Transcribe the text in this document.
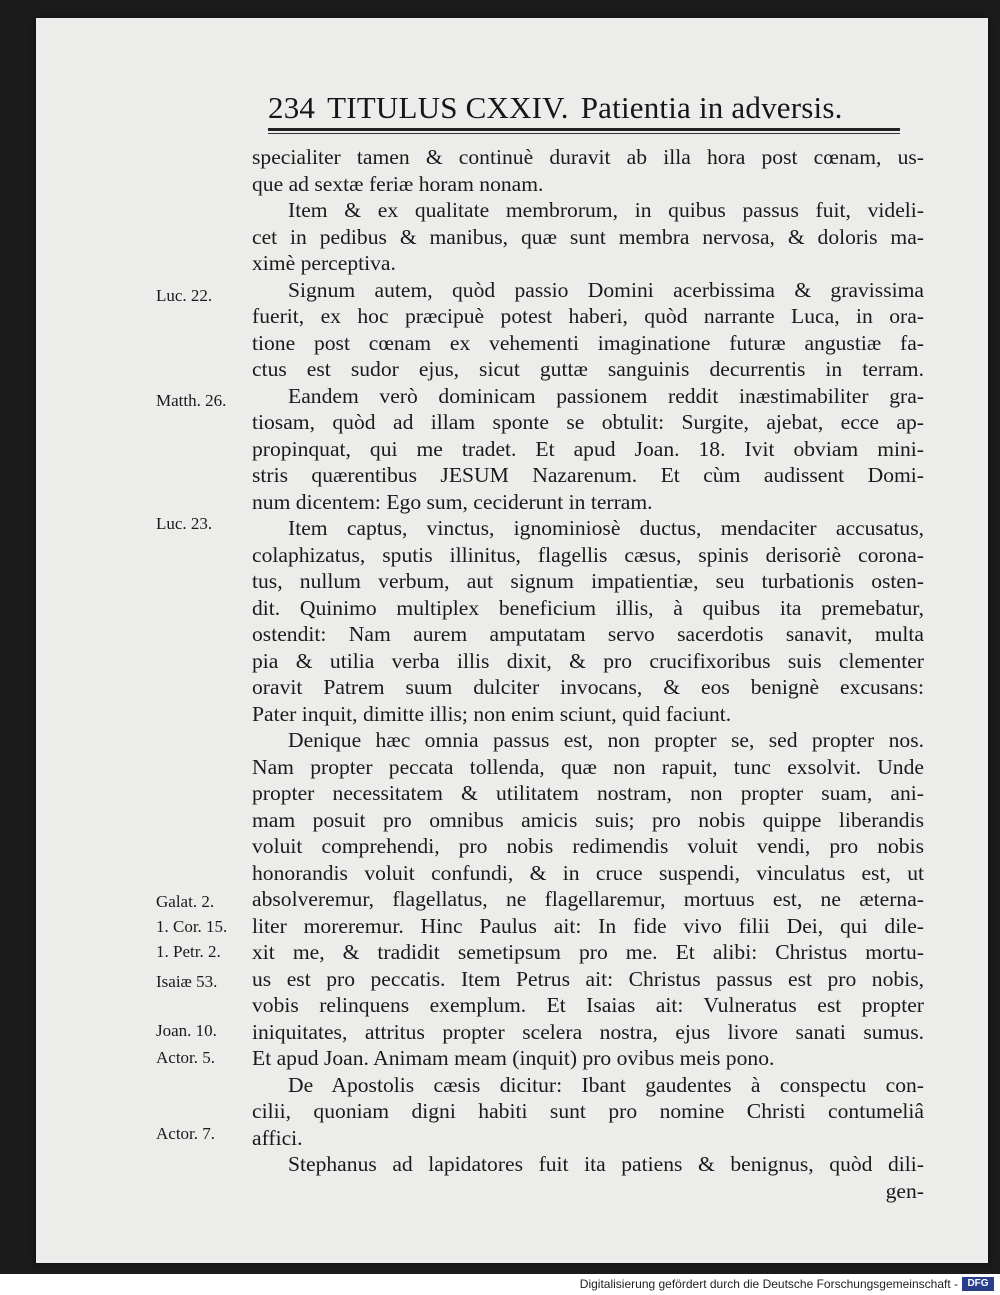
234 TITULUS CXXIV. Patientia in adversis.
specialiter tamen & continuè duravit ab illa hora post cœnam, us-
que ad sextæ feriæ horam nonam.
Item & ex qualitate membrorum, in quibus passus fuit, videli-
cet in pedibus & manibus, quæ sunt membra nervosa, & doloris ma-
ximè perceptiva.
Signum autem, quòd passio Domini acerbissima & gravissima
fuerit, ex hoc præcipuè potest haberi, quòd narrante Luca, in ora-
tione post cœnam ex vehementi imaginatione futuræ angustiæ fa-
ctus est sudor ejus, sicut guttæ sanguinis decurrentis in terram.
Eandem verò dominicam passionem reddit inæstimabiliter gra-
tiosam, quòd ad illam sponte se obtulit: Surgite, ajebat, ecce ap-
propinquat, qui me tradet. Et apud Joan. 18. Ivit obviam mini-
stris quærentibus JESUM Nazarenum. Et cùm audissent Domi-
num dicentem: Ego sum, ceciderunt in terram.
Item captus, vinctus, ignominiosè ductus, mendaciter accusatus,
colaphizatus, sputis illinitus, flagellis cæsus, spinis derisoriè corona-
tus, nullum verbum, aut signum impatientiæ, seu turbationis osten-
dit. Quinimo multiplex beneficium illis, à quibus ita premebatur,
ostendit: Nam aurem amputatam servo sacerdotis sanavit, multa
pia & utilia verba illis dixit, & pro crucifixoribus suis clementer
oravit Patrem suum dulciter invocans, & eos benignè excusans:
Pater inquit, dimitte illis; non enim sciunt, quid faciunt.
Denique hæc omnia passus est, non propter se, sed propter nos.
Nam propter peccata tollenda, quæ non rapuit, tunc exsolvit. Unde
propter necessitatem & utilitatem nostram, non propter suam, ani-
mam posuit pro omnibus amicis suis; pro nobis quippe liberandis
voluit comprehendi, pro nobis redimendis voluit vendi, pro nobis
honorandis voluit confundi, & in cruce suspendi, vinculatus est, ut
absolveremur, flagellatus, ne flagellaremur, mortuus est, ne æterna-
liter moreremur. Hinc Paulus ait: In fide vivo filii Dei, qui dile-
xit me, & tradidit semetipsum pro me. Et alibi: Christus mortu-
us est pro peccatis. Item Petrus ait: Christus passus est pro nobis,
vobis relinquens exemplum. Et Isaias ait: Vulneratus est propter
iniquitates, attritus propter scelera nostra, ejus livore sanati sumus.
Et apud Joan. Animam meam (inquit) pro ovibus meis pono.
De Apostolis cæsis dicitur: Ibant gaudentes à conspectu con-
cilii, quoniam digni habiti sunt pro nomine Christi contumeliâ
affici.
Stephanus ad lapidatores fuit ita patiens & benignus, quòd dili-
gen-
Luc. 22.
Matth. 26.
Luc. 23.
Galat. 2.
1. Cor. 15.
1. Petr. 2.
Isaiæ 53.
Joan. 10.
Actor. 5.
Actor. 7.
Digitalisierung gefördert durch die Deutsche Forschungsgemeinschaft - DFG
